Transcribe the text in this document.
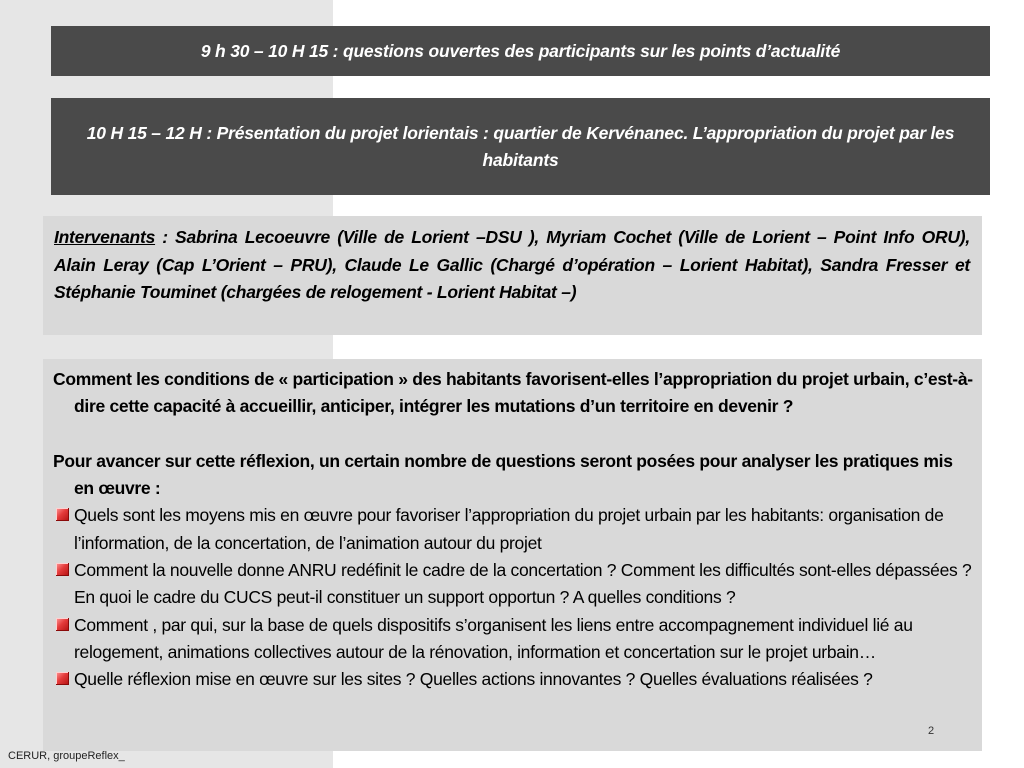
9 h 30 – 10 H 15 : questions ouvertes des participants sur les points d’actualité
10 H 15 – 12 H : Présentation du projet lorientais : quartier de Kervénanec. L’appropriation du projet par les habitants
Intervenants : Sabrina Lecoeuvre (Ville de Lorient –DSU ), Myriam Cochet (Ville de Lorient – Point Info ORU), Alain Leray (Cap L’Orient – PRU), Claude Le Gallic (Chargé d’opération – Lorient Habitat), Sandra Fresser et Stéphanie Touminet (chargées de relogement - Lorient Habitat –)

Comment les conditions de « participation » des habitants favorisent-elles l’appropriation du projet urbain, c’est-à-dire cette capacité à accueillir, anticiper, intégrer les mutations d’un territoire en devenir ?

Pour avancer sur cette réflexion, un certain nombre de questions seront posées pour analyser les pratiques mis en œuvre :

Quels sont les moyens mis en œuvre pour favoriser l’appropriation du projet urbain par les habitants: organisation de l’information, de la concertation, de l’animation autour du projet
Comment la nouvelle donne ANRU redéfinit le cadre de la concertation ? Comment les difficultés sont-elles dépassées ? En quoi le cadre du CUCS peut-il constituer un support opportun ? A quelles conditions ?
Comment , par qui, sur la base de quels dispositifs s’organisent les liens entre accompagnement individuel lié au relogement, animations collectives autour de la rénovation, information et concertation sur le projet urbain…
Quelle réflexion mise en œuvre sur les sites ? Quelles actions innovantes ? Quelles évaluations réalisées ?
2
CERUR, groupeReflex_
